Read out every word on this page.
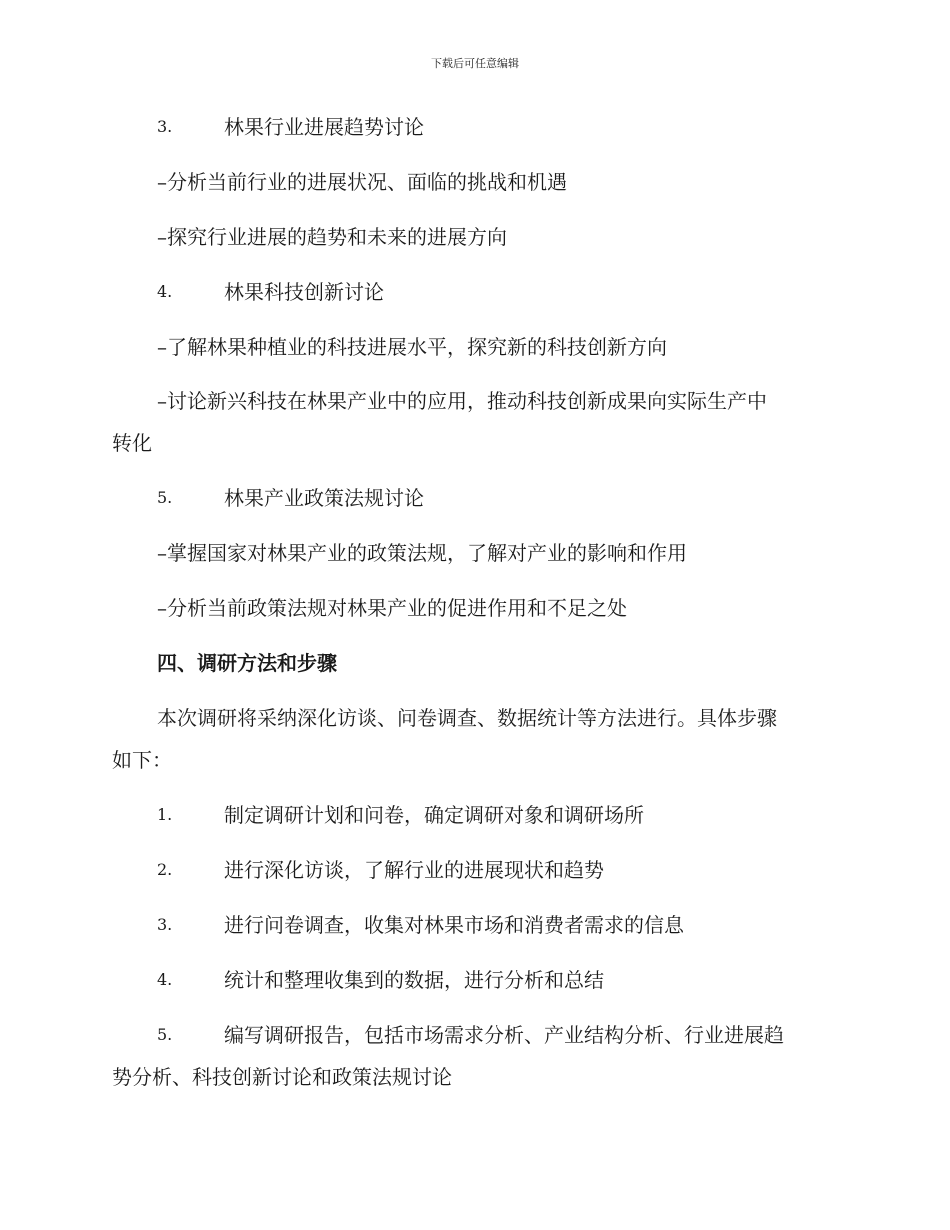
下载后可任意编辑
3.	林果行业进展趋势讨论
–分析当前行业的进展状况、面临的挑战和机遇
–探究行业进展的趋势和未来的进展方向
4.	林果科技创新讨论
–了解林果种植业的科技进展水平，探究新的科技创新方向
–讨论新兴科技在林果产业中的应用，推动科技创新成果向实际生产中
转化
5.	林果产业政策法规讨论
–掌握国家对林果产业的政策法规，了解对产业的影响和作用
–分析当前政策法规对林果产业的促进作用和不足之处
四、调研方法和步骤
本次调研将采纳深化访谈、问卷调查、数据统计等方法进行。具体步骤
如下：
1.	制定调研计划和问卷，确定调研对象和调研场所
2.	进行深化访谈，了解行业的进展现状和趋势
3.	进行问卷调查，收集对林果市场和消费者需求的信息
4.	统计和整理收集到的数据，进行分析和总结
5.	编写调研报告，包括市场需求分析、产业结构分析、行业进展趋
势分析、科技创新讨论和政策法规讨论
